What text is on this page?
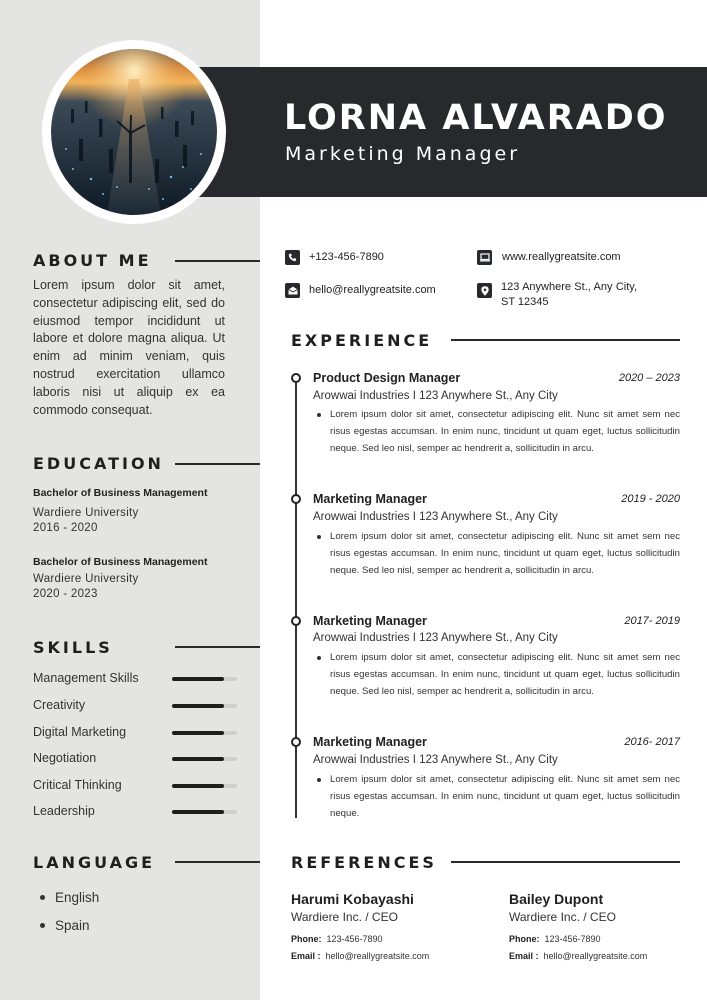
LORNA ALVARADO
Marketing Manager
ABOUT ME
Lorem ipsum dolor sit amet, consectetur adipiscing elit, sed do eiusmod tempor incididunt ut labore et dolore magna aliqua. Ut enim ad minim veniam, quis nostrud exercitation ullamco laboris nisi ut aliquip ex ea commodo consequat.
EDUCATION
Bachelor of Business Management
Wardiere University
2016 - 2020
Bachelor of Business Management
Wardiere University
2020 - 2023
SKILLS
Management Skills
Creativity
Digital Marketing
Negotiation
Critical Thinking
Leadership
LANGUAGE
English
Spain
+123-456-7890	www.reallygreatsite.com
hello@reallygreatsite.com	123 Anywhere St., Any City, ST 12345
EXPERIENCE
Product Design Manager	2020 – 2023
Arowwai Industries I 123 Anywhere St., Any City
Lorem ipsum dolor sit amet, consectetur adipiscing elit. Nunc sit amet sem nec risus egestas accumsan. In enim nunc, tincidunt ut quam eget, luctus sollicitudin neque. Sed leo nisl, semper ac hendrerit a, sollicitudin in arcu.
Marketing Manager	2019 - 2020
Arowwai Industries I 123 Anywhere St., Any City
Lorem ipsum dolor sit amet, consectetur adipiscing elit. Nunc sit amet sem nec risus egestas accumsan. In enim nunc, tincidunt ut quam eget, luctus sollicitudin neque. Sed leo nisl, semper ac hendrerit a, sollicitudin in arcu.
Marketing Manager	2017- 2019
Arowwai Industries I 123 Anywhere St., Any City
Lorem ipsum dolor sit amet, consectetur adipiscing elit. Nunc sit amet sem nec risus egestas accumsan. In enim nunc, tincidunt ut quam eget, luctus sollicitudin neque. Sed leo nisl, semper ac hendrerit a, sollicitudin in arcu.
Marketing Manager	2016- 2017
Arowwai Industries I 123 Anywhere St., Any City
Lorem ipsum dolor sit amet, consectetur adipiscing elit. Nunc sit amet sem nec risus egestas accumsan. In enim nunc, tincidunt ut quam eget, luctus sollicitudin neque.
REFERENCES
Harumi Kobayashi
Wardiere Inc. / CEO
Phone: 123-456-7890
Email : hello@reallygreatsite.com
Bailey Dupont
Wardiere Inc. / CEO
Phone: 123-456-7890
Email : hello@reallygreatsite.com
